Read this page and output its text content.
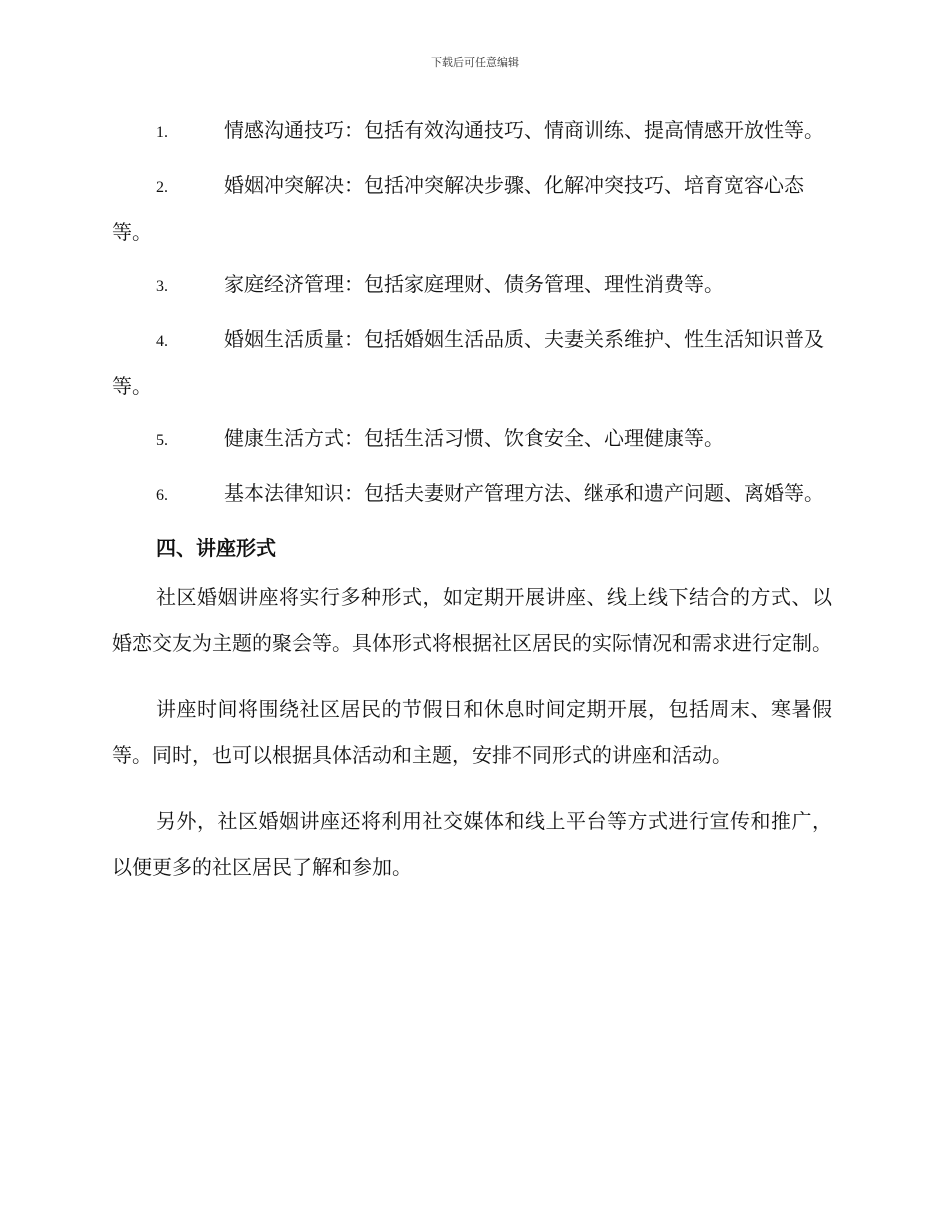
下载后可任意编辑
1.	情感沟通技巧：包括有效沟通技巧、情商训练、提高情感开放性等。
2.	婚姻冲突解决：包括冲突解决步骤、化解冲突技巧、培育宽容心态等。
3.	家庭经济管理：包括家庭理财、债务管理、理性消费等。
4.	婚姻生活质量：包括婚姻生活品质、夫妻关系维护、性生活知识普及等。
5.	健康生活方式：包括生活习惯、饮食安全、心理健康等。
6.	基本法律知识：包括夫妻财产管理方法、继承和遗产问题、离婚等。
四、讲座形式

社区婚姻讲座将实行多种形式，如定期开展讲座、线上线下结合的方式、以婚恋交友为主题的聚会等。具体形式将根据社区居民的实际情况和需求进行定制。

讲座时间将围绕社区居民的节假日和休息时间定期开展，包括周末、寒暑假等。同时，也可以根据具体活动和主题，安排不同形式的讲座和活动。

另外，社区婚姻讲座还将利用社交媒体和线上平台等方式进行宣传和推广，以便更多的社区居民了解和参加。
